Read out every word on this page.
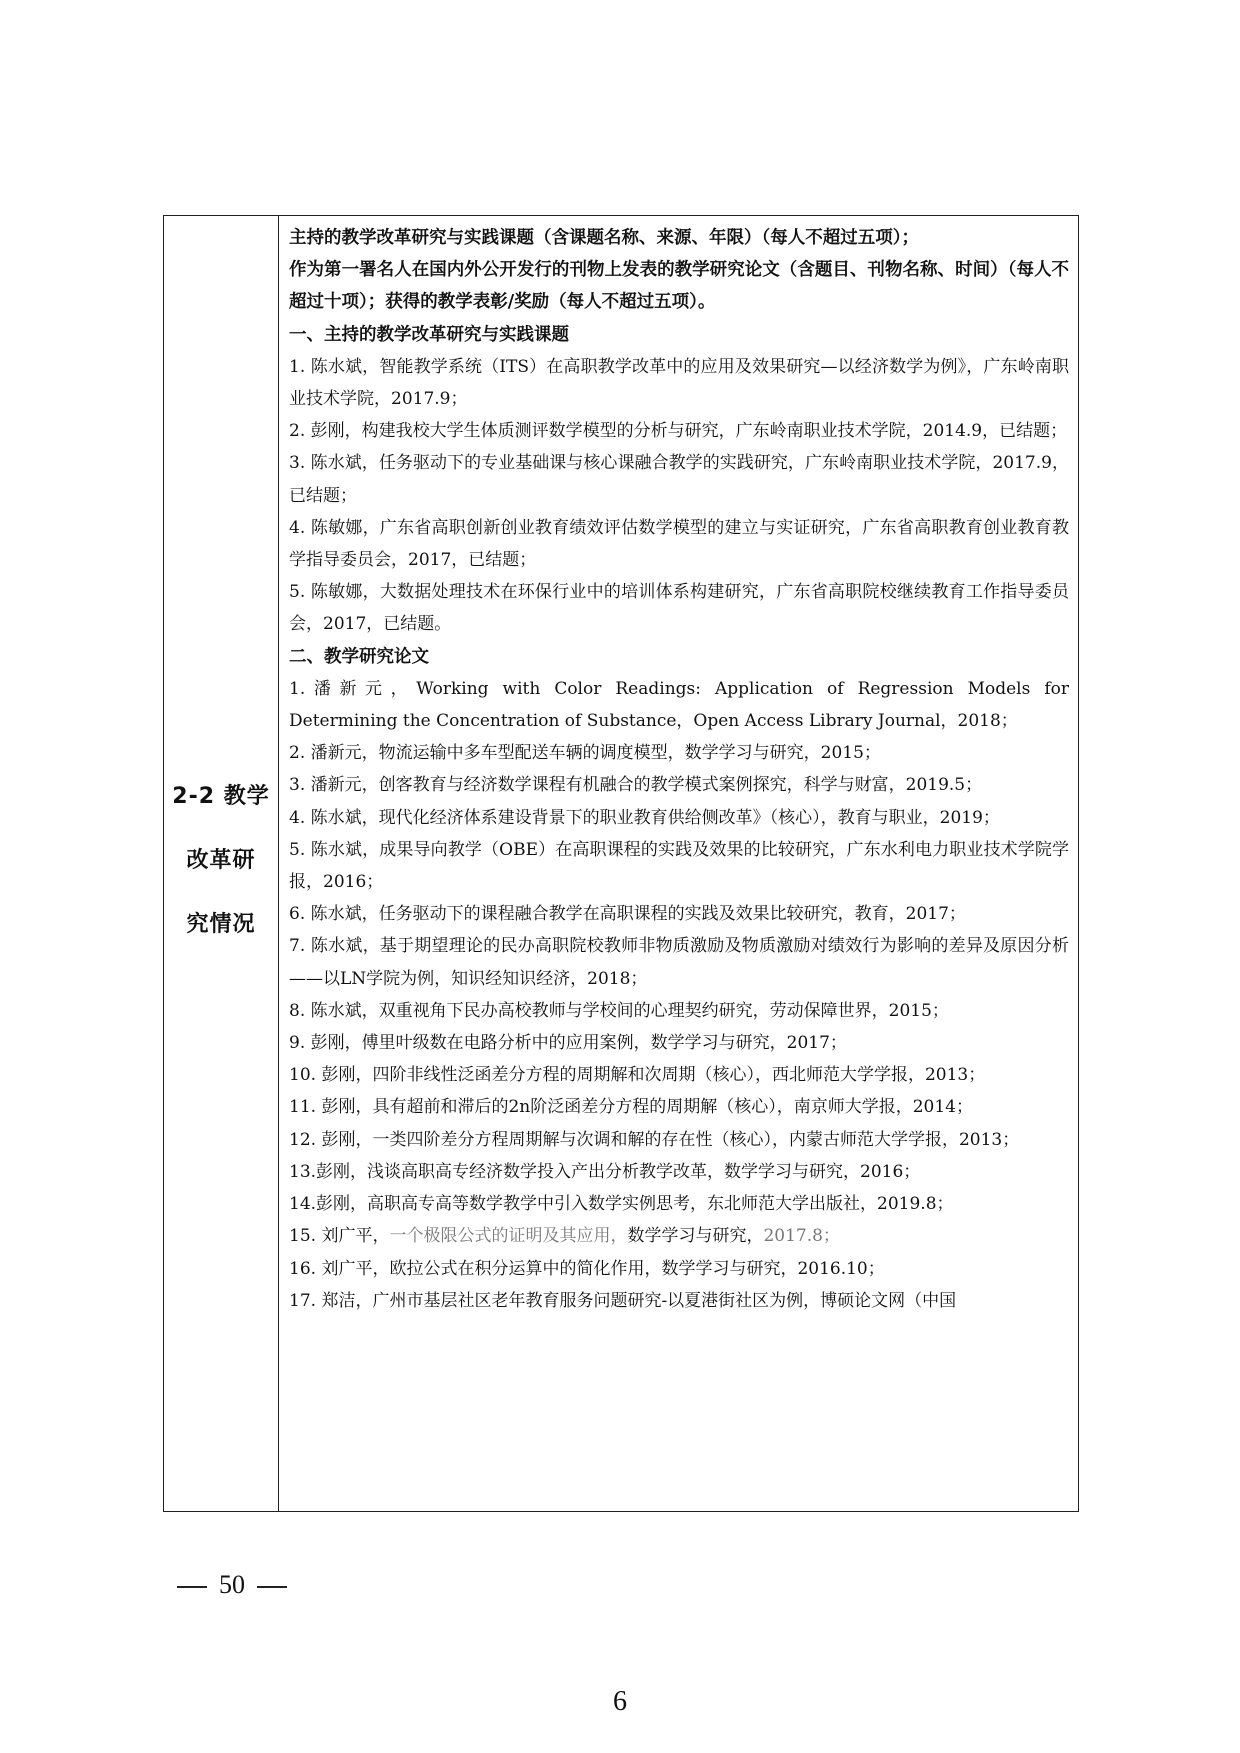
2-2 教学
改革研
究情况

主持的教学改革研究与实践课题（含课题名称、来源、年限）（每人不超过五项）；

作为第一署名人在国内外公开发行的刊物上发表的教学研究论文（含题目、刊物名称、时间）（每人不超过十项）；获得的教学表彰/奖励（每人不超过五项）。

一、主持的教学改革研究与实践课题

1. 陈水斌，智能教学系统（ITS）在高职教学改革中的应用及效果研究—以经济数学为例》，广东岭南职业技术学院，2017.9；

2. 彭刚，构建我校大学生体质测评数学模型的分析与研究，广东岭南职业技术学院，2014.9，已结题；

3. 陈水斌，任务驱动下的专业基础课与核心课融合教学的实践研究，广东岭南职业技术学院，2017.9，已结题；

4. 陈敏娜，广东省高职创新创业教育绩效评估数学模型的建立与实证研究，广东省高职教育创业教育教学指导委员会，2017，已结题；

5. 陈敏娜，大数据处理技术在环保行业中的培训体系构建研究，广东省高职院校继续教育工作指导委员会，2017，已结题。

二、教学研究论文

1.潘新元，Working with Color Readings: Application of Regression Models for Determining the Concentration of Substance，Open Access Library Journal，2018；

2. 潘新元，物流运输中多车型配送车辆的调度模型，数学学习与研究，2015；

3. 潘新元，创客教育与经济数学课程有机融合的教学模式案例探究，科学与财富，2019.5；

4. 陈水斌，现代化经济体系建设背景下的职业教育供给侧改革》（核心），教育与职业，2019；

5. 陈水斌，成果导向教学（OBE）在高职课程的实践及效果的比较研究，广东水利电力职业技术学院学报，2016；

6. 陈水斌，任务驱动下的课程融合教学在高职课程的实践及效果比较研究，教育，2017；

7. 陈水斌，基于期望理论的民办高职院校教师非物质激励及物质激励对绩效行为影响的差异及原因分析——以LN学院为例，知识经知识经济，2018；

8. 陈水斌，双重视角下民办高校教师与学校间的心理契约研究，劳动保障世界，2015；

9. 彭刚，傅里叶级数在电路分析中的应用案例，数学学习与研究，2017；

10. 彭刚，四阶非线性泛函差分方程的周期解和次周期（核心），西北师范大学学报，2013；

11. 彭刚，具有超前和滞后的2n阶泛函差分方程的周期解（核心），南京师大学报，2014；

12. 彭刚，一类四阶差分方程周期解与次调和解的存在性（核心），内蒙古师范大学学报，2013；

13.彭刚，浅谈高职高专经济数学投入产出分析教学改革，数学学习与研究，2016；

14.彭刚，高职高专高等数学教学中引入数学实例思考，东北师范大学出版社，2019.8；

15. 刘广平，一个极限公式的证明及其应用，数学学习与研究，2017.8；

16. 刘广平，欧拉公式在积分运算中的简化作用，数学学习与研究，2016.10；

17. 郑洁，广州市基层社区老年教育服务问题研究-以夏港街社区为例，博硕论文网（中国

50
6
